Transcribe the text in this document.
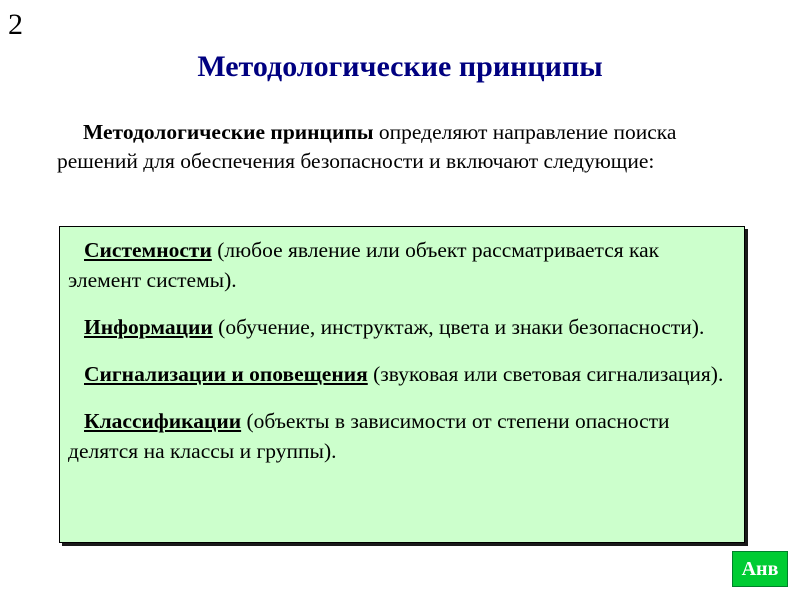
2
Методологические принципы
Методологические принципы определяют направление поиска решений для обеспечения безопасности и включают следующие:
Системности (любое явление или объект рассматривается как элемент системы).
Информации (обучение, инструктаж, цвета и знаки безопасности).
Сигнализации и оповещения (звуковая или световая сигнализация).
Классификации (объекты в зависимости от степени опасности делятся на классы и группы).
Анв
